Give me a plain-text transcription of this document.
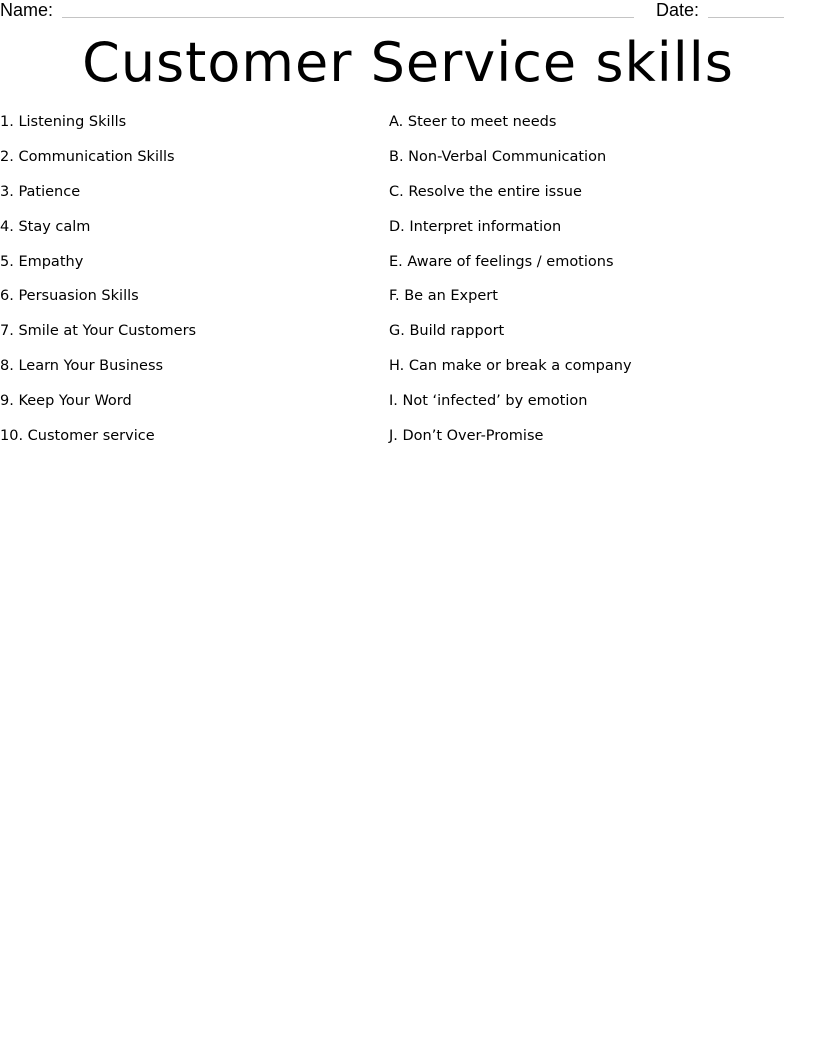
Name:	Date:
Customer Service skills
1. Listening Skills
2. Communication Skills
3. Patience
4. Stay calm
5. Empathy
6. Persuasion Skills
7. Smile at Your Customers
8. Learn Your Business
9. Keep Your Word
10. Customer service
A. Steer to meet needs
B. Non-Verbal Communication
C. Resolve the entire issue
D. Interpret information
E. Aware of feelings / emotions
F. Be an Expert
G. Build rapport
H. Can make or break a company
I. Not ‘infected’ by emotion
J. Don’t Over-Promise
